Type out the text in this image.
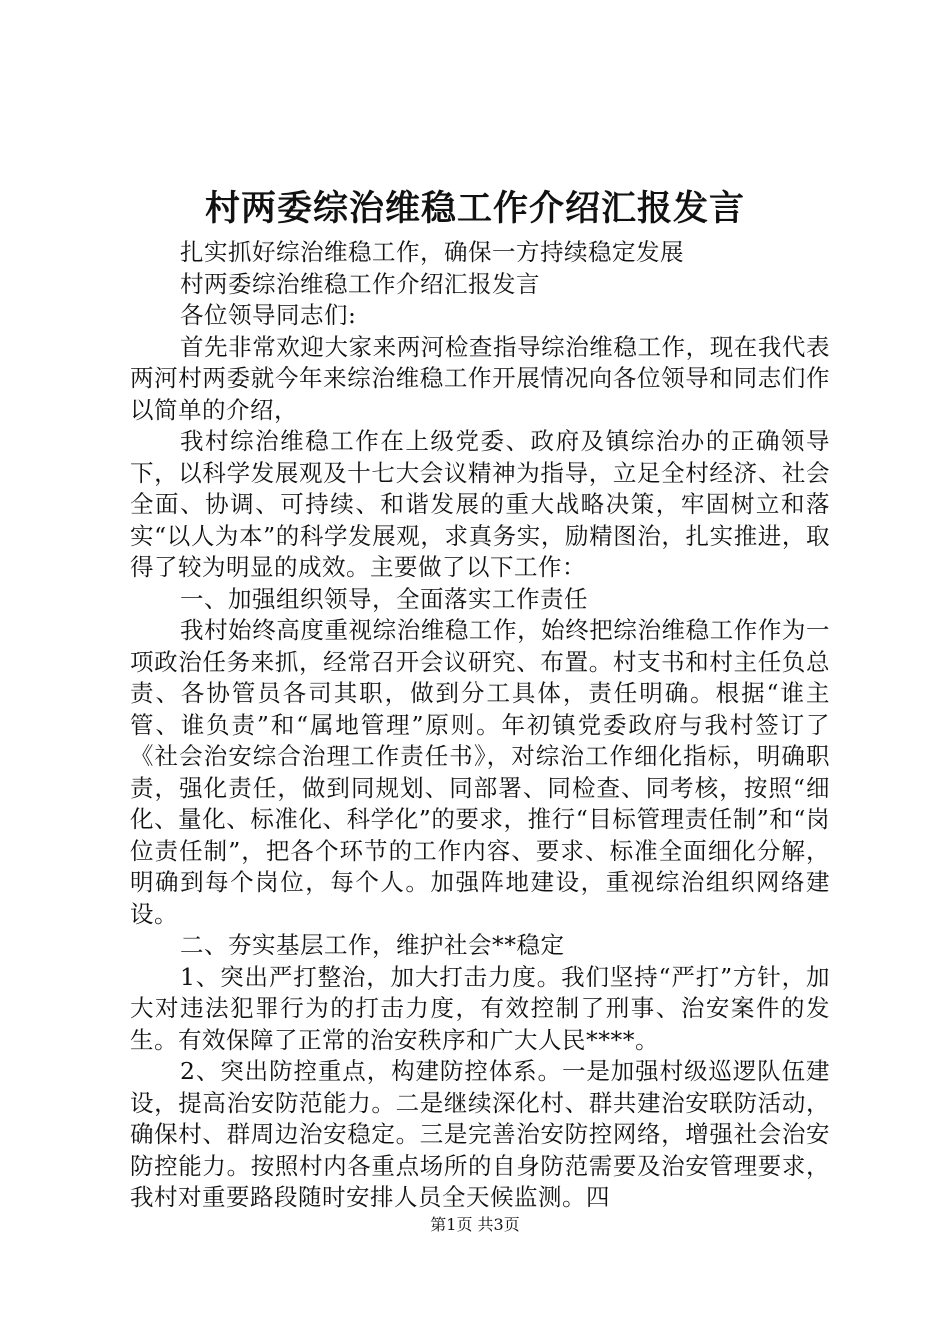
村两委综治维稳工作介绍汇报发言

扎实抓好综治维稳工作，确保一方持续稳定发展

村两委综治维稳工作介绍汇报发言

各位领导同志们:

首先非常欢迎大家来两河检查指导综治维稳工作，现在我代表两河村两委就今年来综治维稳工作开展情况向各位领导和同志们作以简单的介绍，

我村综治维稳工作在上级党委、政府及镇综治办的正确领导下，以科学发展观及十七大会议精神为指导，立足全村经济、社会全面、协调、可持续、和谐发展的重大战略决策，牢固树立和落实“以人为本”的科学发展观，求真务实，励精图治，扎实推进，取得了较为明显的成效。主要做了以下工作：

一、加强组织领导，全面落实工作责任

我村始终高度重视综治维稳工作，始终把综治维稳工作作为一项政治任务来抓，经常召开会议研究、布置。村支书和村主任负总责、各协管员各司其职，做到分工具体，责任明确。根据“谁主管、谁负责”和“属地管理”原则。年初镇党委政府与我村签订了《社会治安综合治理工作责任书》，对综治工作细化指标，明确职责，强化责任，做到同规划、同部署、同检查、同考核，按照“细化、量化、标准化、科学化”的要求，推行“目标管理责任制”和“岗位责任制”，把各个环节的工作内容、要求、标准全面细化分解，明确到每个岗位，每个人。加强阵地建设，重视综治组织网络建设。

二、夯实基层工作，维护社会**稳定

1、突出严打整治，加大打击力度。我们坚持“严打”方针，加大对违法犯罪行为的打击力度，有效控制了刑事、治安案件的发生。有效保障了正常的治安秩序和广大人民****。

2、突出防控重点，构建防控体系。一是加强村级巡逻队伍建设，提高治安防范能力。二是继续深化村、群共建治安联防活动，确保村、群周边治安稳定。三是完善治安防控网络，增强社会治安防控能力。按照村内各重点场所的自身防范需要及治安管理要求，我村对重要路段随时安排人员全天候监测。四

第1页 共3页
